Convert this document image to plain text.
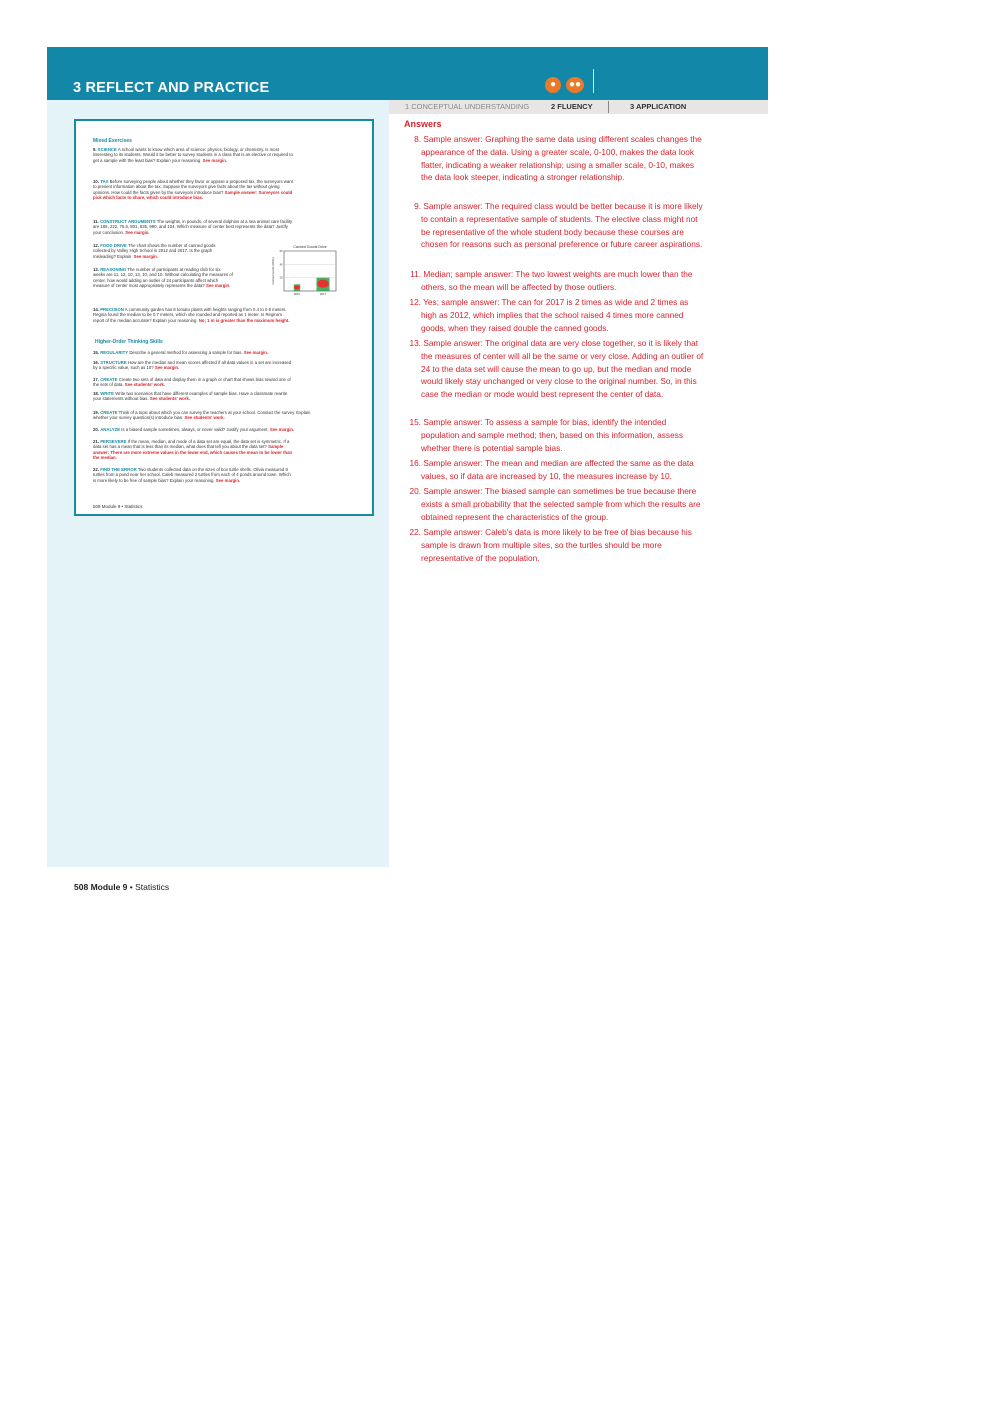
3 REFLECT AND PRACTICE	●	●●
1 CONCEPTUAL UNDERSTANDING	2 FLUENCY	3 APPLICATION
Mixed Exercises
9. SCIENCE A school wants to know which area of science: physics, biology, or chemistry, is most interesting to its students. Would it be better to survey students in a class that is an elective or required to get a sample with the least bias? Explain your reasoning. See margin.
10. TAX Before surveying people about whether they favor or oppose a proposed tax, the surveyors want to present information about the tax. Suppose the surveyors give facts about the tax without giving opinions. How could the facts given by the surveyors introduce bias? Sample answer: Surveyors could pick which facts to share, which could introduce bias.
11. CONSTRUCT ARGUMENTS The weights, in pounds, of several dolphins at a sea animal care facility are 185, 222, 75.5, 801, 835, 990, and 104. Which measure of center best represents the data? Justify your conclusion. See margin.
12. FOOD DRIVE The chart shows the number of canned goods collected by Valley High School in 2012 and 2017. Is the graph misleading? Explain. See margin.
13. REASONING The number of participants at reading club for six weeks are 11, 12, 10, 13, 10, and 10. Without calculating the measures of center, how would adding an outlier of 24 participants affect which measure of center most appropriately represents the data? See margin.
14. PRECISION A community garden has 8 tomato plants with heights ranging from 0.4 to 0.9 meters. Regina found the median to be 0.7 meters, which she rounded and reported as 1 meter. Is Regina's report of the median accurate? Explain your reasoning. No; 1 m is greater than the maximum height.
15. REGULARITY Describe a general method for assessing a sample for bias. See margin.
16. STRUCTURE How are the median and mean scores affected if all data values in a set are increased by a specific value, such as 10? See margin.
17. CREATE Create two sets of data and display them in a graph or chart that shows bias toward one of the sets of data. See students' work.
18. WRITE Write two scenarios that have different examples of sample bias. Have a classmate rewrite your statements without bias. See students' work.
19. CREATE Think of a topic about which you can survey the teachers at your school. Conduct the survey. Explain whether your survey question(s) introduce bias. See students' work.
20. ANALYZE Is a biased sample sometimes, always, or never valid? Justify your argument. See margin.
21. PERSEVERE If the mean, median, and mode of a data set are equal, the data set is symmetric. If a data set has a mean that is less than its median, what does that tell you about the data set? Sample answer: There are more extreme values in the lower end, which causes the mean to be lower than the median.
22. FIND THE ERROR Two students collected data on the sizes of box turtle shells. Olivia measured 8 turtles from a pond near her school. Caleb measured 2 turtles from each of 4 ponds around town. Which is more likely to be free of sample bias? Explain your reasoning. See margin.
Higher-Order Thinking Skills
Canned Goods Drive
Canned Goods (1000s) 20
40
60
2012	2017
508 Module 9 • Statistics
Answers
8. Sample answer: Graphing the same data using different scales changes the appearance of the data. Using a greater scale, 0-100, makes the data look flatter, indicating a weaker relationship; using a smaller scale, 0-10, makes the data look steeper, indicating a stronger relationship.
9. Sample answer: The required class would be better because it is more likely to contain a representative sample of students. The elective class might not be representative of the whole student body because these courses are chosen for reasons such as personal preference or future career aspirations.
11. Median; sample answer: The two lowest weights are much lower than the others, so the mean will be affected by those outliers.
12. Yes; sample answer: The can for 2017 is 2 times as wide and 2 times as high as 2012, which implies that the school raised 4 times more canned goods, when they raised double the canned goods.
13. Sample answer: The original data are very close together, so it is likely that the measures of center will all be the same or very close. Adding an outlier of 24 to the data set will cause the mean to go up, but the median and mode would likely stay unchanged or very close to the original number. So, in this case the median or mode would best represent the center of data.
15. Sample answer: To assess a sample for bias, identify the intended population and sample method; then, based on this information, assess whether there is potential sample bias.
16. Sample answer: The mean and median are affected the same as the data values, so if data are increased by 10, the measures increase by 10.
20. Sample answer: The biased sample can sometimes be true because there exists a small probability that the selected sample from which the results are obtained represent the characteristics of the group.
22. Sample answer: Caleb's data is more likely to be free of bias because his sample is drawn from multiple sites, so the turtles should be more representative of the population.
508 Module 9 • Statistics
